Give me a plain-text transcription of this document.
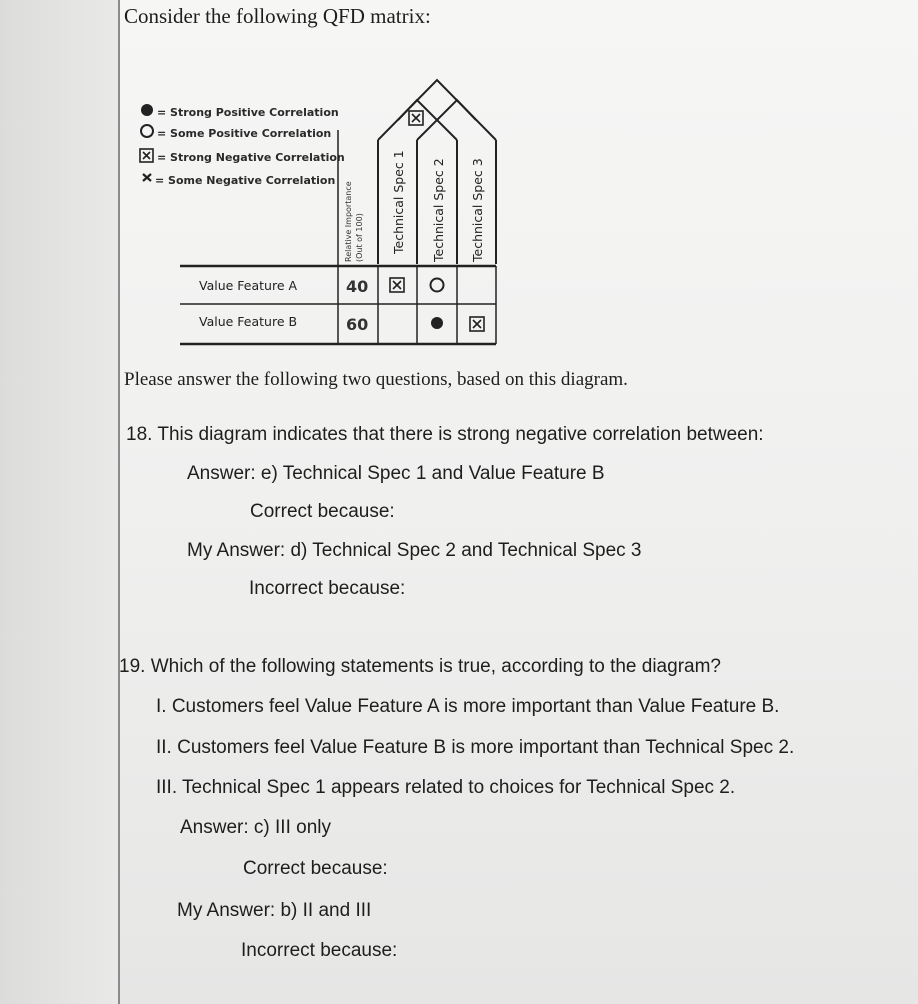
Consider the following QFD matrix:
= Strong Positive Correlation
= Some Positive Correlation
= Strong Negative Correlation
= Some Negative Correlation
Relative Importance (Out of 100) Technical Spec 1 Technical Spec 2 Technical Spec 3
Value Feature A	40
Value Feature B	60
Please answer the following two questions, based on this diagram.
18. This diagram indicates that there is strong negative correlation between:
Answer: e) Technical Spec 1 and Value Feature B
Correct because:
My Answer: d) Technical Spec 2 and Technical Spec 3
Incorrect because:
19. Which of the following statements is true, according to the diagram?
I. Customers feel Value Feature A is more important than Value Feature B.
II. Customers feel Value Feature B is more important than Technical Spec 2.
III. Technical Spec 1 appears related to choices for Technical Spec 2.
Answer: c) III only
Correct because:
My Answer: b) II and III
Incorrect because:
